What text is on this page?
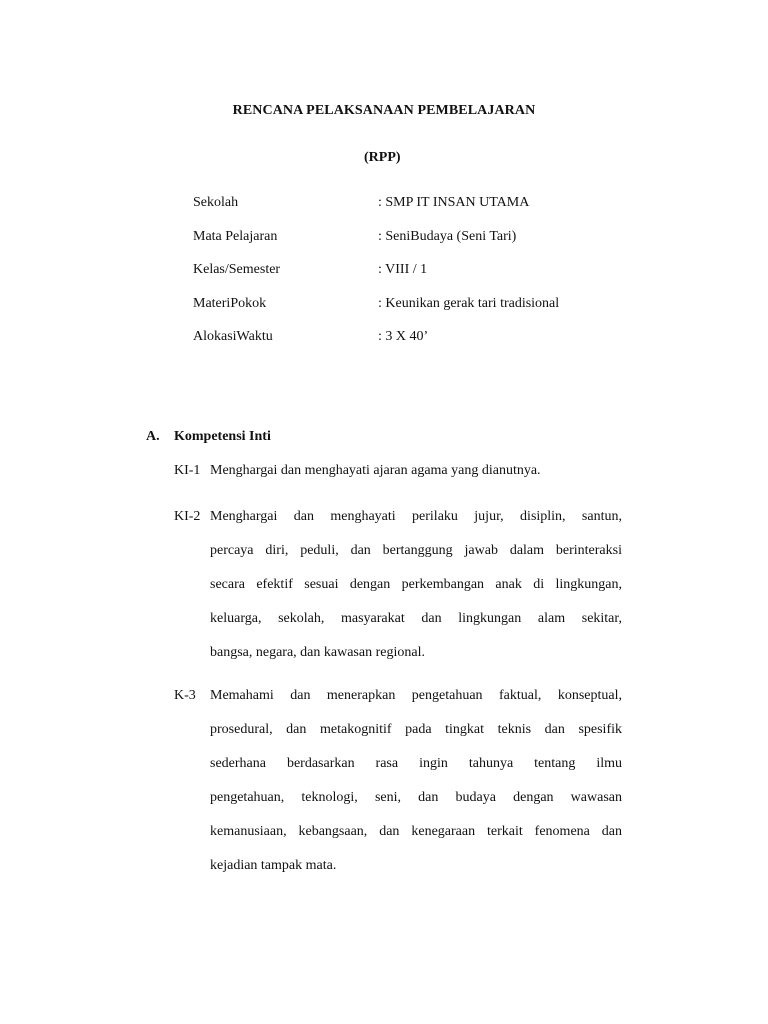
RENCANA PELAKSANAAN PEMBELAJARAN
(RPP)
Sekolah	: SMP IT INSAN UTAMA
Mata Pelajaran	: SeniBudaya (Seni Tari)
Kelas/Semester	: VIII / 1
MateriPokok	: Keunikan gerak tari tradisional
AlokasiWaktu	: 3 X 40’
A. Kompetensi Inti
KI-1 Menghargai dan menghayati ajaran agama yang dianutnya.
KI-2 Menghargai dan menghayati perilaku jujur, disiplin, santun,
percaya diri, peduli, dan bertanggung jawab dalam berinteraksi
secara efektif sesuai dengan perkembangan anak di lingkungan,
keluarga, sekolah, masyarakat dan lingkungan alam sekitar,
bangsa, negara, dan kawasan regional.
K-3 Memahami dan menerapkan pengetahuan faktual, konseptual,
prosedural, dan metakognitif pada tingkat teknis dan spesifik
sederhana berdasarkan rasa ingin tahunya tentang ilmu
pengetahuan, teknologi, seni, dan budaya dengan wawasan
kemanusiaan, kebangsaan, dan kenegaraan terkait fenomena dan
kejadian tampak mata.
